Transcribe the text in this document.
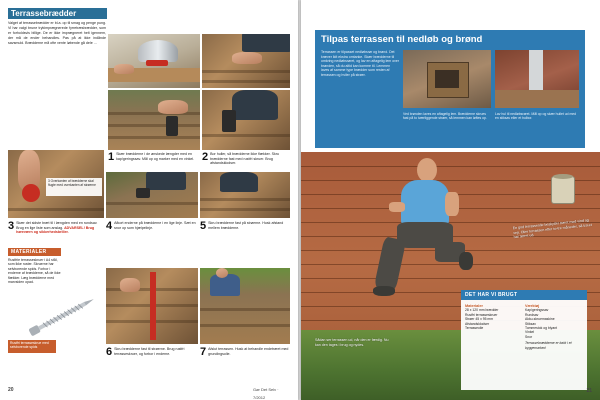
Terrassebrædder
Valget af terrassebrædder er bl.a. op til smag og penge pung. Vi har valgt brune trykimprægnerede fyrretræsbrædder, som er forholdsvis billige. De er ikke imprægneret helt igennem, der må de ender behandles. Pas på at ikke indånde savsmuld. Brædderne må ofte vente løbende gå dele ...
1 Skær brædderne i de ønskede længder med en kap/geringssav. Mål op og marker med en vinkel. 2 Bor huller, så brædderne ikke flækker. Skru brædderne fast med rustfri skruer. Brug afstandsklodser.
3 Overkanten af brædderne skal flugte med overkanten af strøerne
3 Skær det sidste bræt til i længden med en rundsav. Brug en lige liste som anslag. ADVARSEL! Brug høreværn og sikkerhedsbriller.
4 Afkort enderne på brædderne i en lige linje. Sæt en snor op som hjælpelinje.	5 Skru brædderne fast på strøerne. Husk afstand mellem brædderne.
MATERIALER
Rustfrie terrasseskruer i A4 stål, som ikke ruster. Skruerne har selvborende spids. Forbor i enderne af brædderne, så de ikke flækker. Læg brædderne med marvsiden opad.
Rustfri terrasseskrue med selvborende spids	6 Skru brædderne fast til strøerne. Brug rustfri terrasseskruer, og forbor i enderne.	7 Afslut terrassen. Husk at behandle endetræet med grundingsolie.
20	Gør Det Selv · 7/2012
Tilpas terrassen til nedløb og brønd
Terrassen er tilpasset nedløbsrør og brønd. Det kræver lidt ekstra omtanke. Skær brædderne til omkring nedløbsrøret, og lav en aftagelig lem over brønden, så du altid kan komme til. Lemmen laves af samme type brædder som resten af terrassen og hviler på strøer.
Ved brønden laves en aftagelig lem. Brædderne skrues fast på to tværliggende strøer, så lemmen kan løftes op.
Lav hul til nedløbsrøret. Mål op og skær hullet ud med en stiksav eller et hulbor.
En god terrasseolie beskytter træet mod vind og vejr. Olier terrassen efter to-tre måneder, så træet har tørret ud.
Sådan ser terrassen ud, når den er færdig. Nu kan den tages i brug og nydes.
DET HAR VI BRUGT
Materialer
28 x 120 mm brædder
Rustfri terrasseskruer
Strøer 45 x 95 mm
Afstandsklodser
Terrasseolie
Værktøj
Kap/geringssav
Rundsav
Akku-skruemaskine
Stiksav
Tommestok og blyant
Vinkel
Snor
Terrassebrædderne er købt i et byggemarked
21
